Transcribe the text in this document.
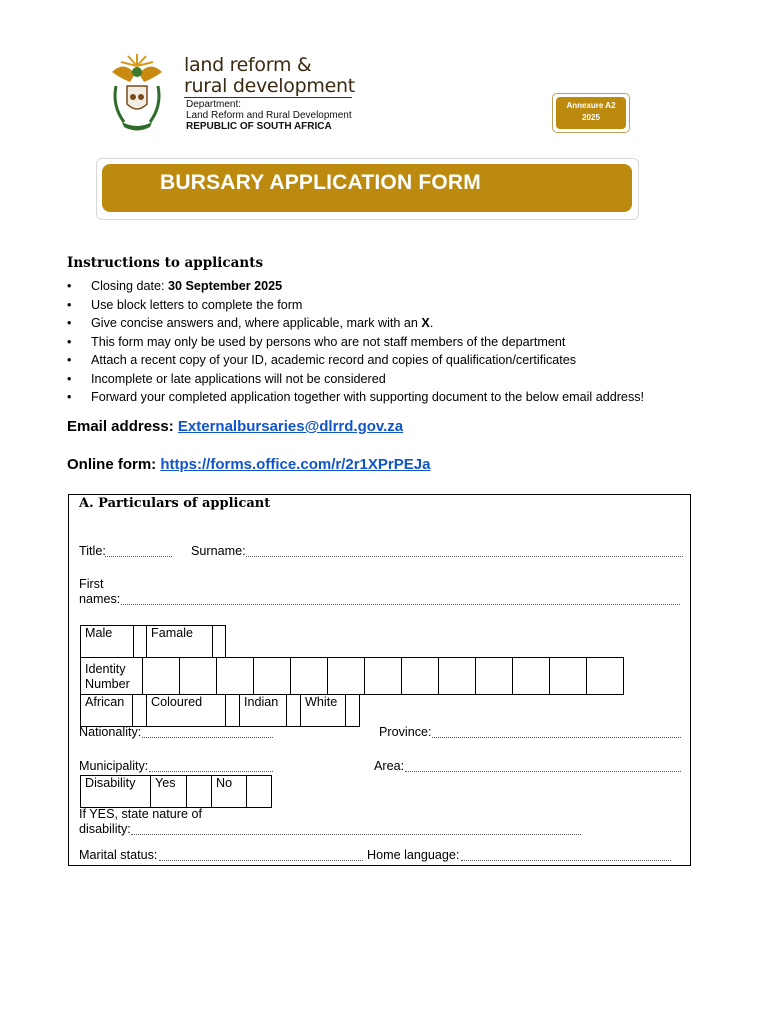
land reform &
rural development
Department:
Land Reform and Rural Development
REPUBLIC OF SOUTH AFRICA
Annexure A2
2025
BURSARY APPLICATION FORM
Instructions to applicants
• Closing date: 30 September 2025
• Use block letters to complete the form
• Give concise answers and, where applicable, mark with an X.
• This form may only be used by persons who are not staff members of the department
• Attach a recent copy of your ID, academic record and copies of qualification/certificates
• Incomplete or late applications will not be considered
• Forward your completed application together with supporting document to the below email address!
Email address: Externalbursaries@dlrrd.gov.za
Online form: https://forms.office.com/r/2r1XPrPEJa
A. Particulars of applicant
Title:	Surname:
First
names:
Male		Famale	
Identity
Number

African		Coloured		Indian		White	
Nationality:	Province:
Municipality:	Area:
Disability	Yes		No	
If YES, state nature of
disability:
Marital status:	Home language:
